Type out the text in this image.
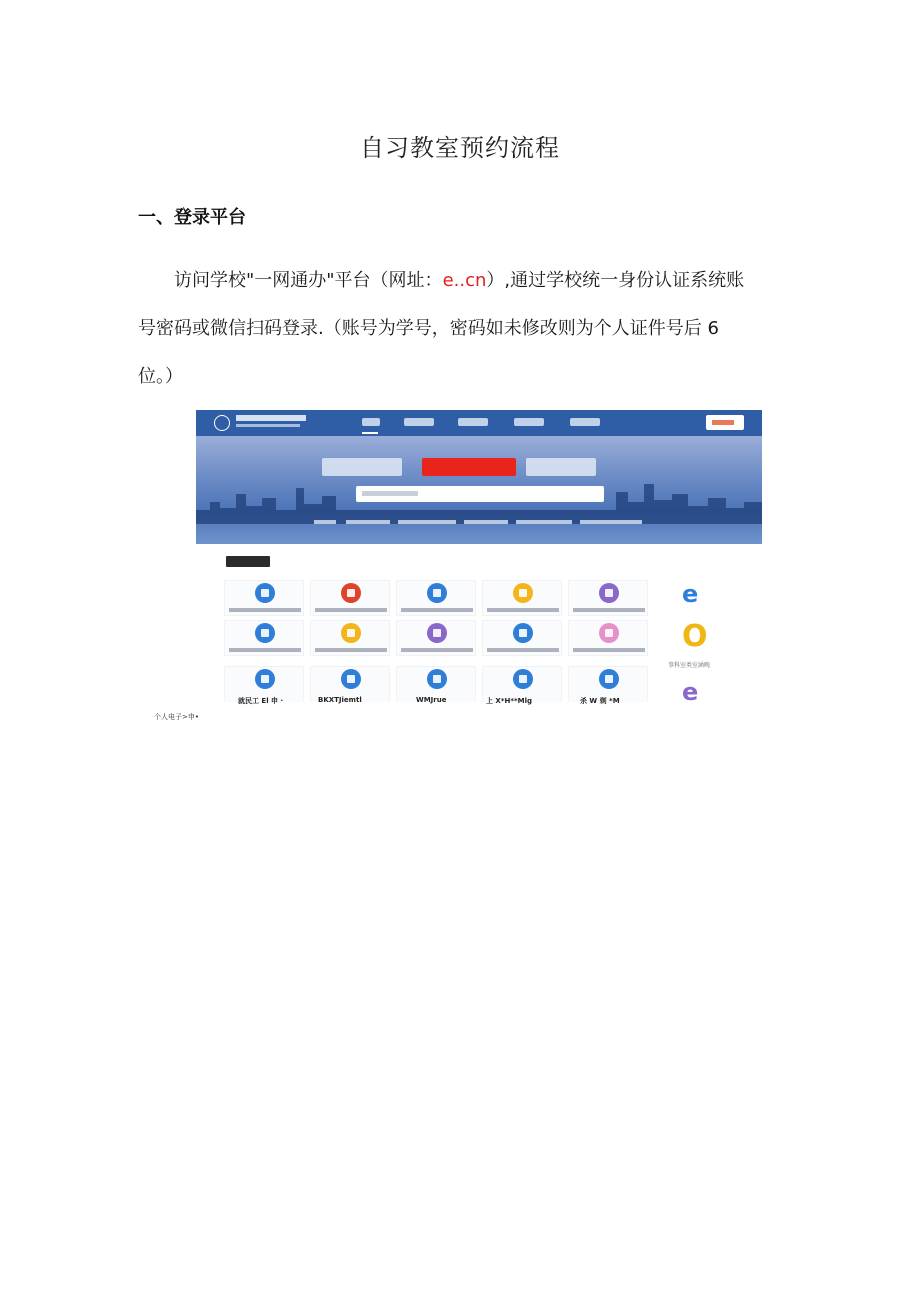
自习教室预约流程
一、登录平台
访问学校"一网通办"平台（网址：e..cn）,通过学校统一身份认证系统账
号密码或微信扫码登录.（账号为学号，密码如未修改则为个人证件号后 6
位。）
就民工 El 申 ·	BKXTJiemtl	WMJrue	上 X*H**Mlg	杀 W 剃 *M
e
O
事科室类室涵晚
e
个人电子>申•
